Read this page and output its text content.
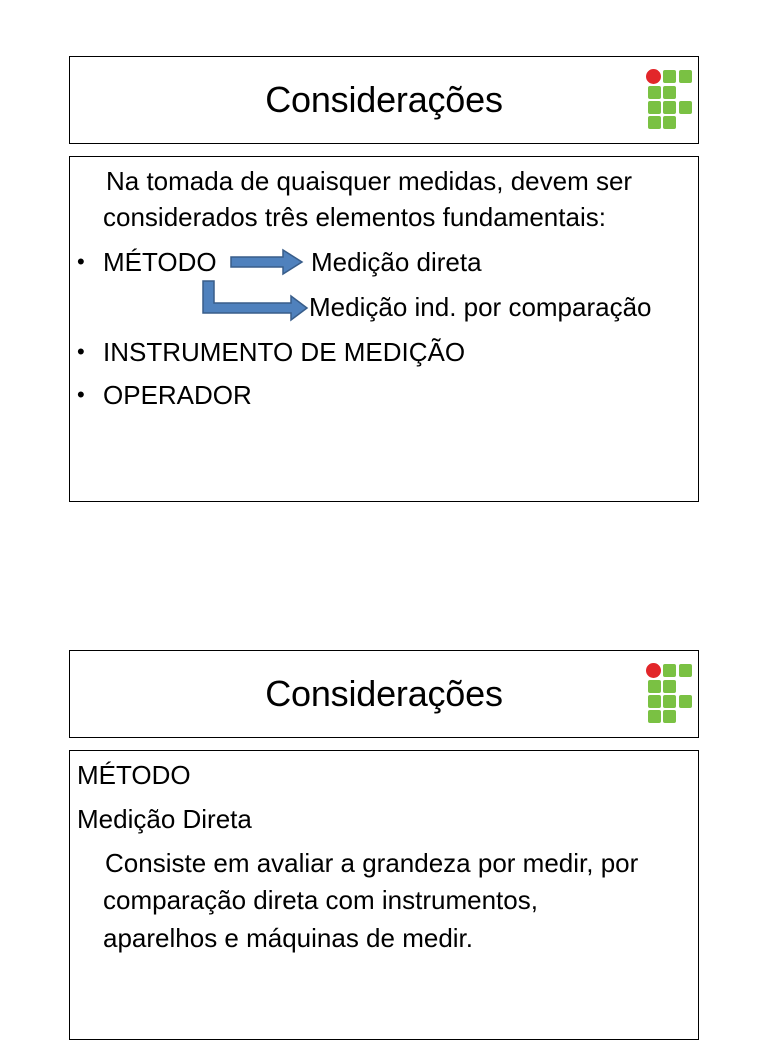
Considerações
Na tomada de quaisquer medidas, devem ser
considerados três elementos fundamentais:
• MÉTODO	Medição direta
Medição ind. por comparação
• INSTRUMENTO DE MEDIÇÃO
• OPERADOR
Considerações
MÉTODO
Medição Direta
Consiste em avaliar a grandeza por medir, por
comparação direta com instrumentos,
aparelhos e máquinas de medir.
